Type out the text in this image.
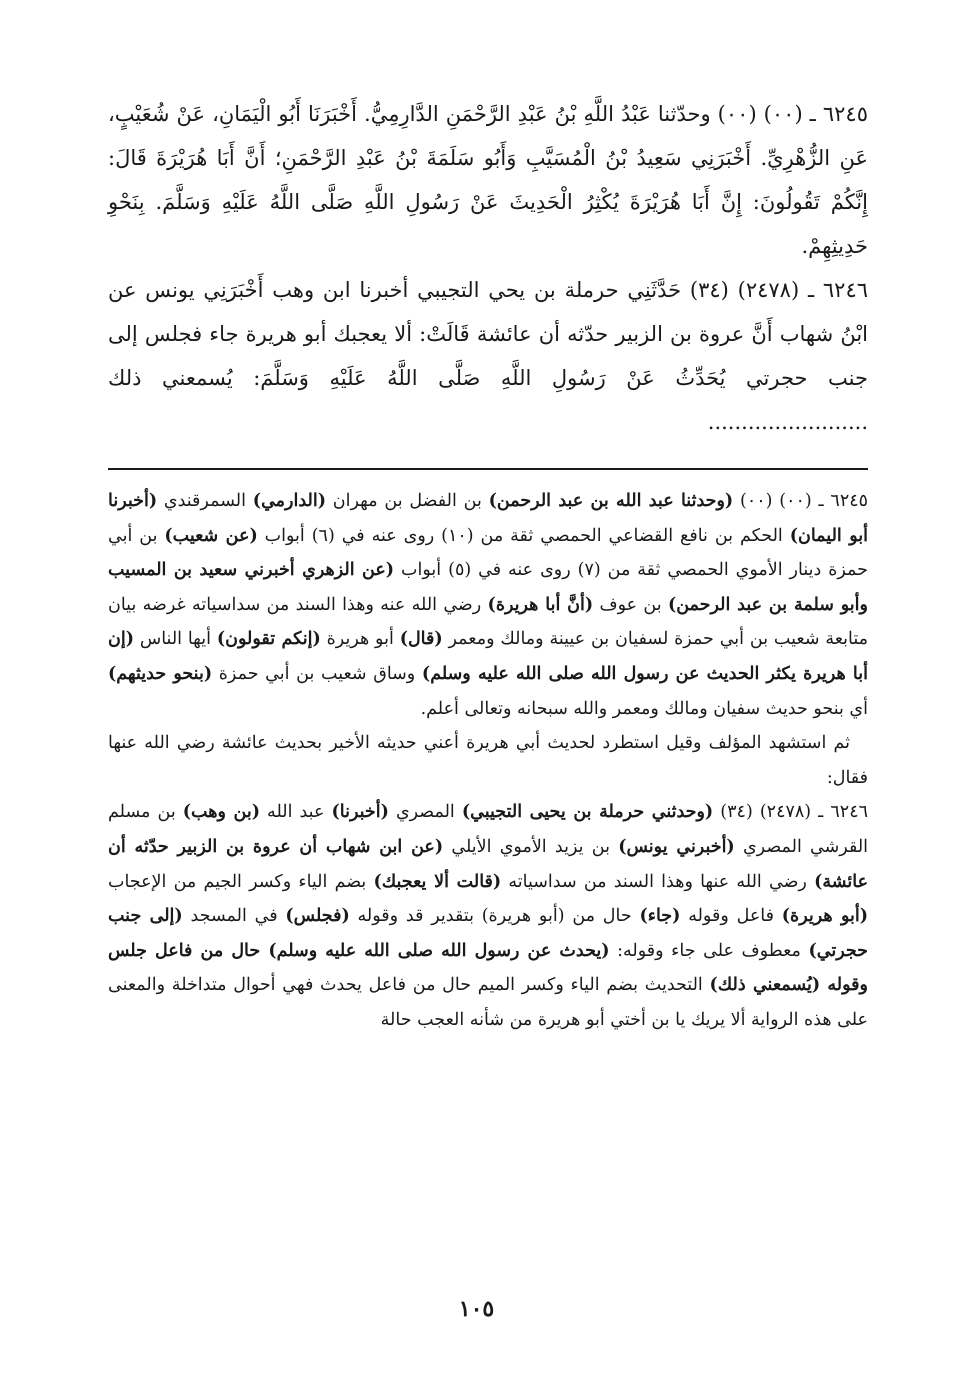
٦٢٤٥ ـ (٠٠) (٠٠) وحدّثنا عَبْدُ اللَّهِ بْنُ عَبْدِ الرَّحْمَنِ الدَّارِمِيُّ. أَخْبَرَنَا أَبُو الْيَمَانِ، عَنْ شُعَيْبٍ، عَنِ الزُّهْرِيِّ. أَخْبَرَنِي سَعِيدُ بْنُ الْمُسَيَّبِ وَأَبُو سَلَمَةَ بْنُ عَبْدِ الرَّحْمَنِ؛ أَنَّ أَبَا هُرَيْرَةَ قَالَ: إِنَّكُمْ تَقُولُونَ: إِنَّ أَبَا هُرَيْرَةَ يُكْثِرُ الْحَدِيثَ عَنْ رَسُولِ اللَّهِ صَلَّى اللَّهُ عَلَيْهِ وَسَلَّمَ. بِنَحْوِ حَدِيثِهِمْ.

٦٢٤٦ ـ (٢٤٧٨) (٣٤) حَدَّثَنِي حرملة بن يحي التجيبي أخبرنا ابن وهب أَخْبَرَنِي يونس عن ابْنُ شهاب أَنَّ عروة بن الزبير حدّثه أن عائشة قَالَتْ: ألا يعجبك أبو هريرة جاء فجلس إلى جنب حجرتي يُحَدِّثُ عَنْ رَسُولِ اللَّهِ صَلَّى اللَّهُ عَلَيْهِ وَسَلَّمَ: يُسمعني ذلك ........................

٦٢٤٥ ـ (٠٠) (٠٠) (وحدثنا عبد الله بن عبد الرحمن) بن الفضل بن مهران (الدارمي) السمرقندي (أخبرنا أبو اليمان) الحكم بن نافع القضاعي الحمصي ثقة من (١٠) روى عنه في (٦) أبواب (عن شعيب) بن أبي حمزة دينار الأموي الحمصي ثقة من (٧) روى عنه في (٥) أبواب (عن الزهري أخبرني سعيد بن المسيب وأبو سلمة بن عبد الرحمن) بن عوف (أنَّ أبا هريرة) رضي الله عنه وهذا السند من سداسياته غرضه بيان متابعة شعيب بن أبي حمزة لسفيان بن عيينة ومالك ومعمر (قال) أبو هريرة (إنكم تقولون) أيها الناس (إن أبا هريرة يكثر الحديث عن رسول الله صلى الله عليه وسلم) وساق شعيب بن أبي حمزة (بنحو حديثهم) أي بنحو حديث سفيان ومالك ومعمر والله سبحانه وتعالى أعلم.

ثم استشهد المؤلف وقيل استطرد لحديث أبي هريرة أعني حديثه الأخير بحديث عائشة رضي الله عنها فقال:

٦٢٤٦ ـ (٢٤٧٨) (٣٤) (وحدثني حرملة بن يحيى التجيبي) المصري (أخبرنا) عبد الله (بن وهب) بن مسلم القرشي المصري (أخبرني يونس) بن يزيد الأموي الأيلي (عن ابن شهاب أن عروة بن الزبير حدّثه أن عائشة) رضي الله عنها وهذا السند من سداسياته (قالت ألا يعجبك) بضم الياء وكسر الجيم من الإعجاب (أبو هريرة) فاعل وقوله (جاء) حال من (أبو هريرة) بتقدير قد وقوله (فجلس) في المسجد (إلى جنب حجرتي) معطوف على جاء وقوله: (يحدث عن رسول الله صلى الله عليه وسلم) حال من فاعل جلس وقوله (يُسمعني ذلك) التحديث بضم الياء وكسر الميم حال من فاعل يحدث فهي أحوال متداخلة والمعنى على هذه الرواية ألا يريك يا بن أختي أبو هريرة من شأنه العجب حالة

١٠٥
